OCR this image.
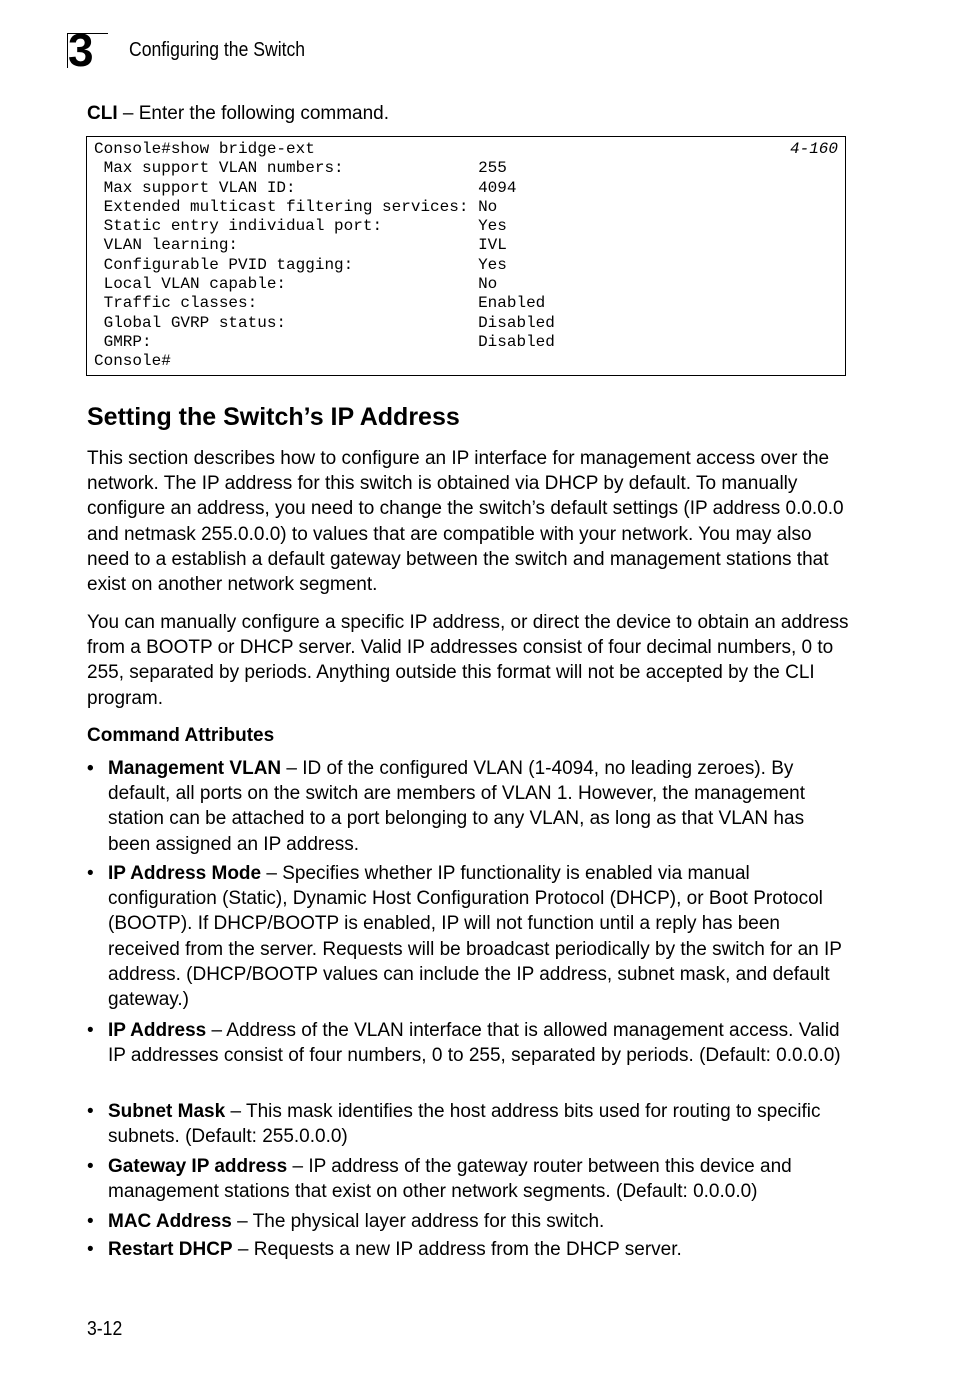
3 Configuring the Switch
CLI – Enter the following command.
Console#show bridge-ext
Max support VLAN numbers:              255
Max support VLAN ID:                   4094
Extended multicast filtering services: No
Static entry individual port:          Yes
VLAN learning:                         IVL
Configurable PVID tagging:             Yes
Local VLAN capable:                    No
Traffic classes:                       Enabled
Global GVRP status:                    Disabled
GMRP:                                  Disabled
Console#
4-160
Setting the Switch’s IP Address

This section describes how to configure an IP interface for management access over the network. The IP address for this switch is obtained via DHCP by default. To manually configure an address, you need to change the switch’s default settings (IP address 0.0.0.0 and netmask 255.0.0.0) to values that are compatible with your network. You may also need to a establish a default gateway between the switch and management stations that exist on another network segment.

You can manually configure a specific IP address, or direct the device to obtain an address from a BOOTP or DHCP server. Valid IP addresses consist of four decimal numbers, 0 to 255, separated by periods. Anything outside this format will not be accepted by the CLI program.

Command Attributes
• Management VLAN – ID of the configured VLAN (1-4094, no leading zeroes). By default, all ports on the switch are members of VLAN 1. However, the management station can be attached to a port belonging to any VLAN, as long as that VLAN has been assigned an IP address.
• IP Address Mode – Specifies whether IP functionality is enabled via manual configuration (Static), Dynamic Host Configuration Protocol (DHCP), or Boot Protocol (BOOTP). If DHCP/BOOTP is enabled, IP will not function until a reply has been received from the server. Requests will be broadcast periodically by the switch for an IP address. (DHCP/BOOTP values can include the IP address, subnet mask, and default gateway.)
• IP Address – Address of the VLAN interface that is allowed management access. Valid IP addresses consist of four numbers, 0 to 255, separated by periods. (Default: 0.0.0.0)
• Subnet Mask – This mask identifies the host address bits used for routing to specific subnets. (Default: 255.0.0.0)
• Gateway IP address – IP address of the gateway router between this device and management stations that exist on other network segments. (Default: 0.0.0.0)
• MAC Address – The physical layer address for this switch.
• Restart DHCP – Requests a new IP address from the DHCP server.
3-12
